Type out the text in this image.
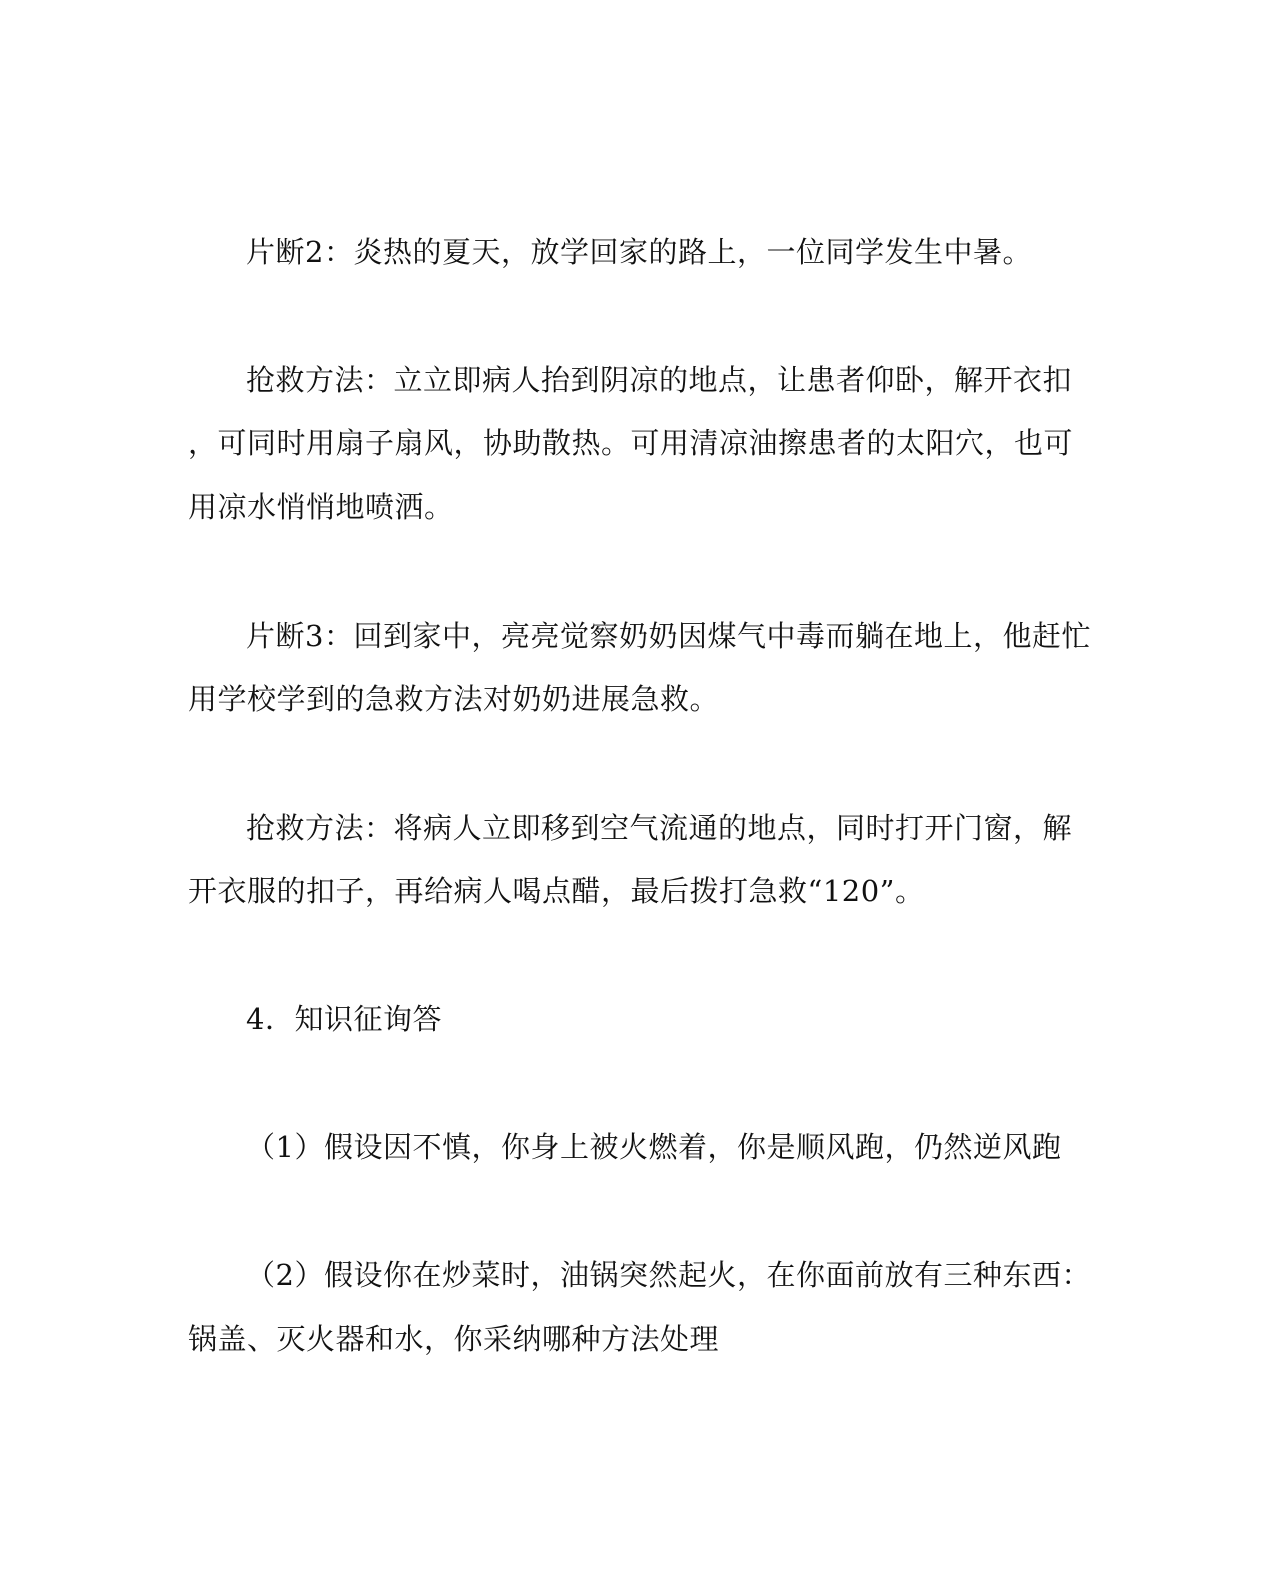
片断2：炎热的夏天，放学回家的路上，一位同学发生中暑。
抢救方法：立立即病人抬到阴凉的地点，让患者仰卧，解开衣扣
，可同时用扇子扇风，协助散热。可用清凉油擦患者的太阳穴，也可
用凉水悄悄地喷洒。
片断3：回到家中，亮亮觉察奶奶因煤气中毒而躺在地上，他赶忙
用学校学到的急救方法对奶奶进展急救。
抢救方法：将病人立即移到空气流通的地点，同时打开门窗，解
开衣服的扣子，再给病人喝点醋，最后拨打急救“120”。
4．知识征询答
（1）假设因不慎，你身上被火燃着，你是顺风跑，仍然逆风跑
（2）假设你在炒菜时，油锅突然起火，在你面前放有三种东西：
锅盖、灭火器和水，你采纳哪种方法处理
